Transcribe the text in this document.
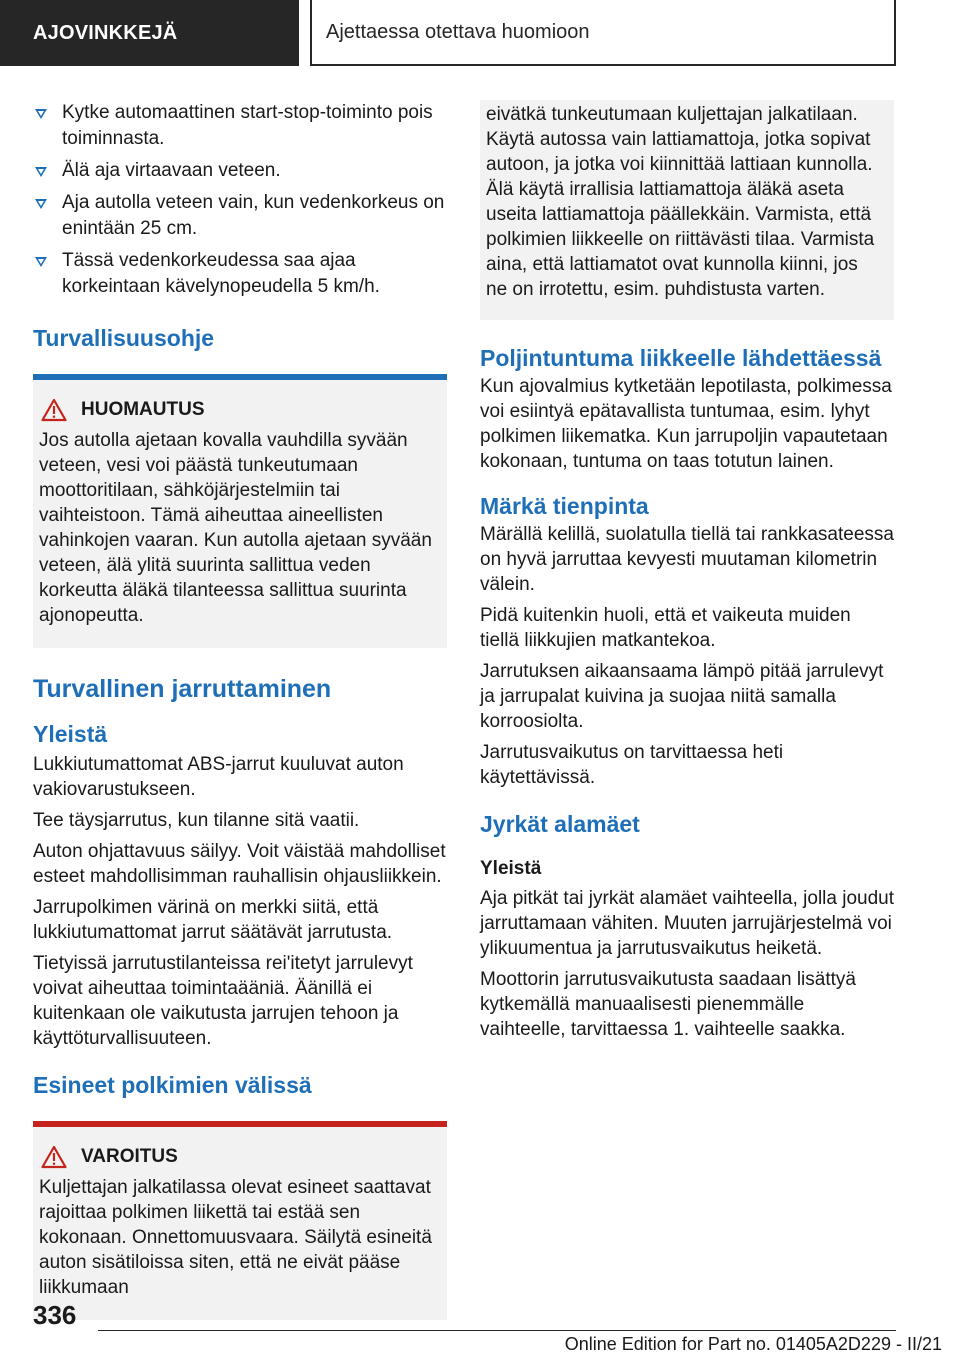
AJOVINKKEJÄ	Ajettaessa otettava huomioon
Kytke automaattinen start-stop-toiminto pois toiminnasta.
Älä aja virtaavaan veteen.
Aja autolla veteen vain, kun vedenkorkeus on enintään 25 cm.
Tässä vedenkorkeudessa saa ajaa korkeintaan kävelynopeudella 5 km/h.
Turvallisuusohje
HUOMAUTUS

Jos autolla ajetaan kovalla vauhdilla syvään veteen, vesi voi päästä tunkeutumaan moottoritilaan, sähköjärjestelmiin tai vaihteistoon. Tämä aiheuttaa aineellisten vahinkojen vaaran. Kun autolla ajetaan syvään veteen, älä ylitä suurinta sallittua veden korkeutta äläkä tilanteessa sallittua suurinta ajonopeutta.

Turvallinen jarruttaminen
Yleistä

Lukkiutumattomat ABS-jarrut kuuluvat auton vakiovarustukseen.

Tee täysjarrutus, kun tilanne sitä vaatii.

Auton ohjattavuus säilyy. Voit väistää mahdolliset esteet mahdollisimman rauhallisin ohjausliikkein.

Jarrupolkimen värinä on merkki siitä, että lukkiutumattomat jarrut säätävät jarrutusta.

Tietyissä jarrutustilanteissa rei'itetyt jarrulevyt voivat aiheuttaa toimintaääniä. Äänillä ei kuitenkaan ole vaikutusta jarrujen tehoon ja käyttöturvallisuuteen.

Esineet polkimien välissä
VAROITUS

Kuljettajan jalkatilassa olevat esineet saattavat rajoittaa polkimen liikettä tai estää sen kokonaan. Onnettomuusvaara. Säilytä esineitä auton sisätiloissa siten, että ne eivät pääse liikkumaan

eivätkä tunkeutumaan kuljettajan jalkatilaan. Käytä autossa vain lattiamattoja, jotka sopivat autoon, ja jotka voi kiinnittää lattiaan kunnolla. Älä käytä irrallisia lattiamattoja äläkä aseta useita lattiamattoja päällekkäin. Varmista, että polkimien liikkeelle on riittävästi tilaa. Varmista aina, että lattiamatot ovat kunnolla kiinni, jos ne on irrotettu, esim. puhdistusta varten.

Poljintuntuma liikkeelle lähdettäessä

Kun ajovalmius kytketään lepotilasta, polkimessa voi esiintyä epätavallista tuntumaa, esim. lyhyt polkimen liikematka. Kun jarrupoljin vapautetaan kokonaan, tuntuma on taas totutun lainen.

Märkä tienpinta

Märällä kelillä, suolatulla tiellä tai rankkasateessa on hyvä jarruttaa kevyesti muutaman kilometrin välein.

Pidä kuitenkin huoli, että et vaikeuta muiden tiellä liikkujien matkantekoa.

Jarrutuksen aikaansaama lämpö pitää jarrulevyt ja jarrupalat kuivina ja suojaa niitä samalla korroosiolta.

Jarrutusvaikutus on tarvittaessa heti käytettävissä.

Jyrkät alamäet
Yleistä

Aja pitkät tai jyrkät alamäet vaihteella, jolla joudut jarruttamaan vähiten. Muuten jarrujärjestelmä voi ylikuumentua ja jarrutusvaikutus heiketä.

Moottorin jarrutusvaikutusta saadaan lisättyä kytkemällä manuaalisesti pienemmälle vaihteelle, tarvittaessa 1. vaihteelle saakka.

336
Online Edition for Part no. 01405A2D229 - II/21
